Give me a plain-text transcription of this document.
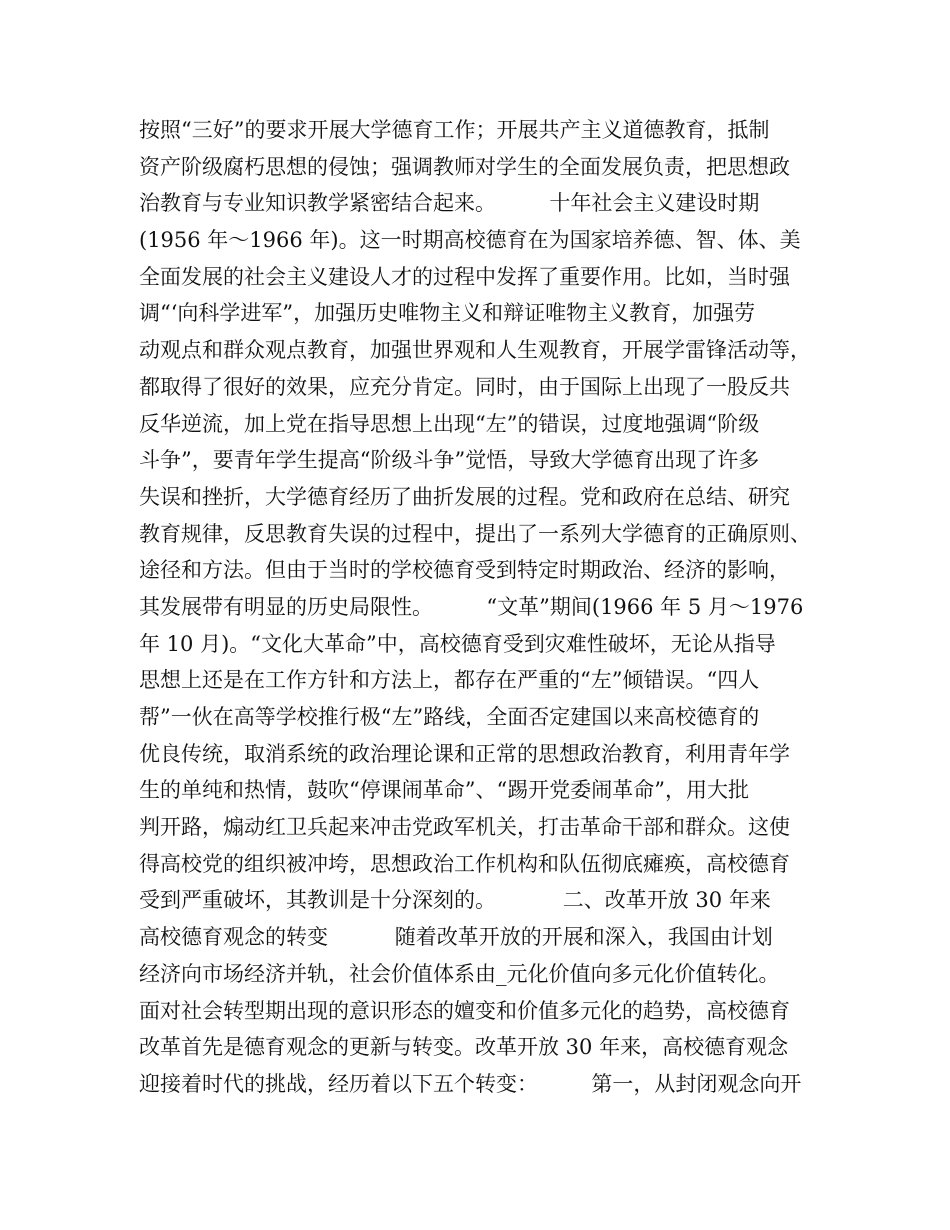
按照“三好”的要求开展大学德育工作；开展共产主义道德教育，抵制
资产阶级腐朽思想的侵蚀；强调教师对学生的全面发展负责，把思想政
治教育与专业知识教学紧密结合起来。        十年社会主义建设时期
(1956 年～1966 年)。这一时期高校德育在为国家培养德、智、体、美
全面发展的社会主义建设人才的过程中发挥了重要作用。比如，当时强
调“‘向科学进军”，加强历史唯物主义和辩证唯物主义教育，加强劳
动观点和群众观点教育，加强世界观和人生观教育，开展学雷锋活动等，
都取得了很好的效果，应充分肯定。同时，由于国际上出现了一股反共
反华逆流，加上党在指导思想上出现“左”的错误，过度地强调“阶级
斗争”，要青年学生提高“阶级斗争”觉悟，导致大学德育出现了许多
失误和挫折，大学德育经历了曲折发展的过程。党和政府在总结、研究
教育规律，反思教育失误的过程中，提出了一系列大学德育的正确原则、
途径和方法。但由于当时的学校德育受到特定时期政治、经济的影响，
其发展带有明显的历史局限性。        “文革”期间(1966 年 5 月～1976
年 10 月)。“文化大革命”中，高校德育受到灾难性破坏，无论从指导
思想上还是在工作方针和方法上，都存在严重的“左”倾错误。“四人
帮”一伙在高等学校推行极“左”路线，全面否定建国以来高校德育的
优良传统，取消系统的政治理论课和正常的思想政治教育，利用青年学
生的单纯和热情，鼓吹“停课闹革命”、“踢开党委闹革命”，用大批
判开路，煽动红卫兵起来冲击党政军机关，打击革命干部和群众。这使
得高校党的组织被冲垮，思想政治工作机构和队伍彻底瘫痪，高校德育
受到严重破坏，其教训是十分深刻的。          二、改革开放 30 年来
高校德育观念的转变          随着改革开放的开展和深入，我国由计划
经济向市场经济并轨，社会价值体系由_元化价值向多元化价值转化。
面对社会转型期出现的意识形态的嬗变和价值多元化的趋势，高校德育
改革首先是德育观念的更新与转变。改革开放 30 年来，高校德育观念
迎接着时代的挑战，经历着以下五个转变：        第一，从封闭观念向开
